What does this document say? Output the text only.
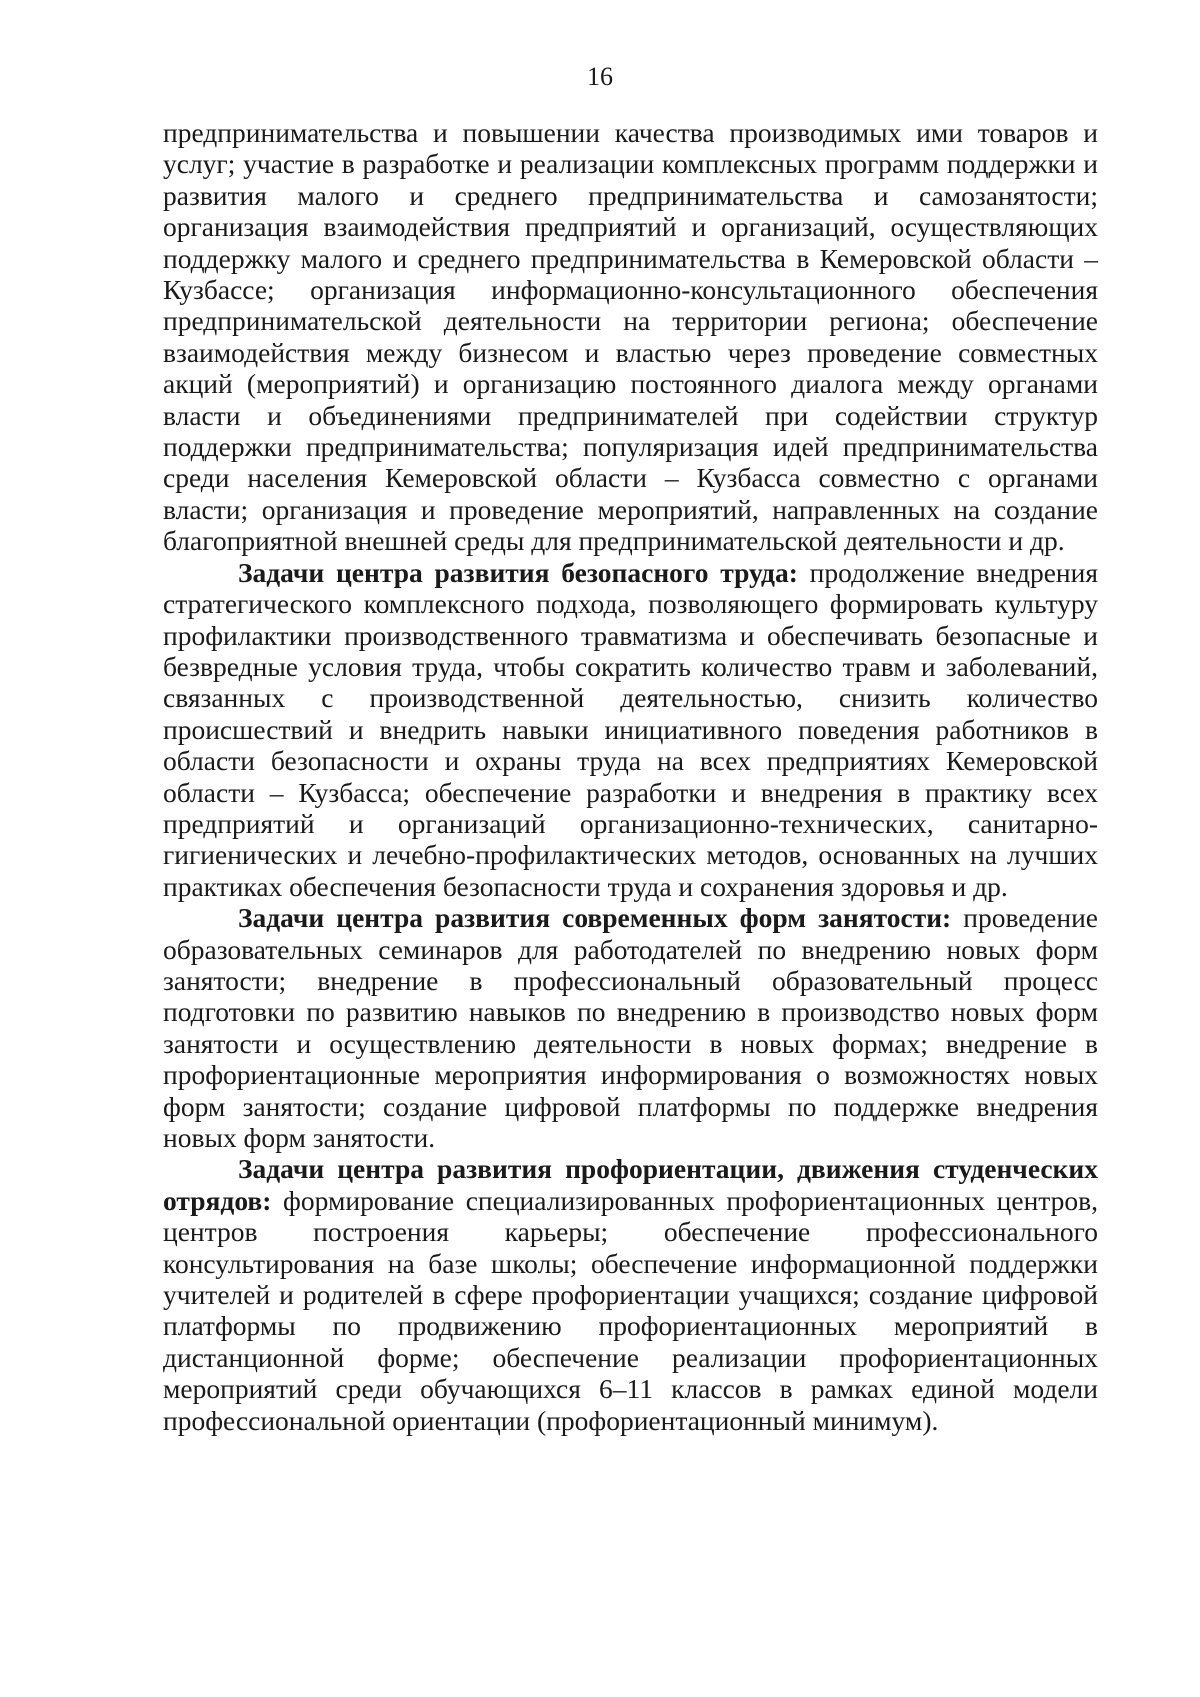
16

предпринимательства и повышении качества производимых ими товаров и услуг; участие в разработке и реализации комплексных программ поддержки и развития малого и среднего предпринимательства и самозанятости; организация взаимодействия предприятий и организаций, осуществляющих поддержку малого и среднего предпринимательства в Кемеровской области – Кузбассе; организация информационно-консультационного обеспечения предпринимательской деятельности на территории региона; обеспечение взаимодействия между бизнесом и властью через проведение совместных акций (мероприятий) и организацию постоянного диалога между органами власти и объединениями предпринимателей при содействии структур поддержки предпринимательства; популяризация идей предпринимательства среди населения Кемеровской области – Кузбасса совместно с органами власти; организация и проведение мероприятий, направленных на создание благоприятной внешней среды для предпринимательской деятельности и др.

Задачи центра развития безопасного труда: продолжение внедрения стратегического комплексного подхода, позволяющего формировать культуру профилактики производственного травматизма и обеспечивать безопасные и безвредные условия труда, чтобы сократить количество травм и заболеваний, связанных с производственной деятельностью, снизить количество происшествий и внедрить навыки инициативного поведения работников в области безопасности и охраны труда на всех предприятиях Кемеровской области – Кузбасса; обеспечение разработки и внедрения в практику всех предприятий и организаций организационно-технических, санитарно-гигиенических и лечебно-профилактических методов, основанных на лучших практиках обеспечения безопасности труда и сохранения здоровья и др.

Задачи центра развития современных форм занятости: проведение образовательных семинаров для работодателей по внедрению новых форм занятости; внедрение в профессиональный образовательный процесс подготовки по развитию навыков по внедрению в производство новых форм занятости и осуществлению деятельности в новых формах; внедрение в профориентационные мероприятия информирования о возможностях новых форм занятости; создание цифровой платформы по поддержке внедрения новых форм занятости.

Задачи центра развития профориентации, движения студенческих отрядов: формирование специализированных профориентационных центров, центров построения карьеры; обеспечение профессионального консультирования на базе школы; обеспечение информационной поддержки учителей и родителей в сфере профориентации учащихся; создание цифровой платформы по продвижению профориентационных мероприятий в дистанционной форме; обеспечение реализации профориентационных мероприятий среди обучающихся 6–11 классов в рамках единой модели профессиональной ориентации (профориентационный минимум).
